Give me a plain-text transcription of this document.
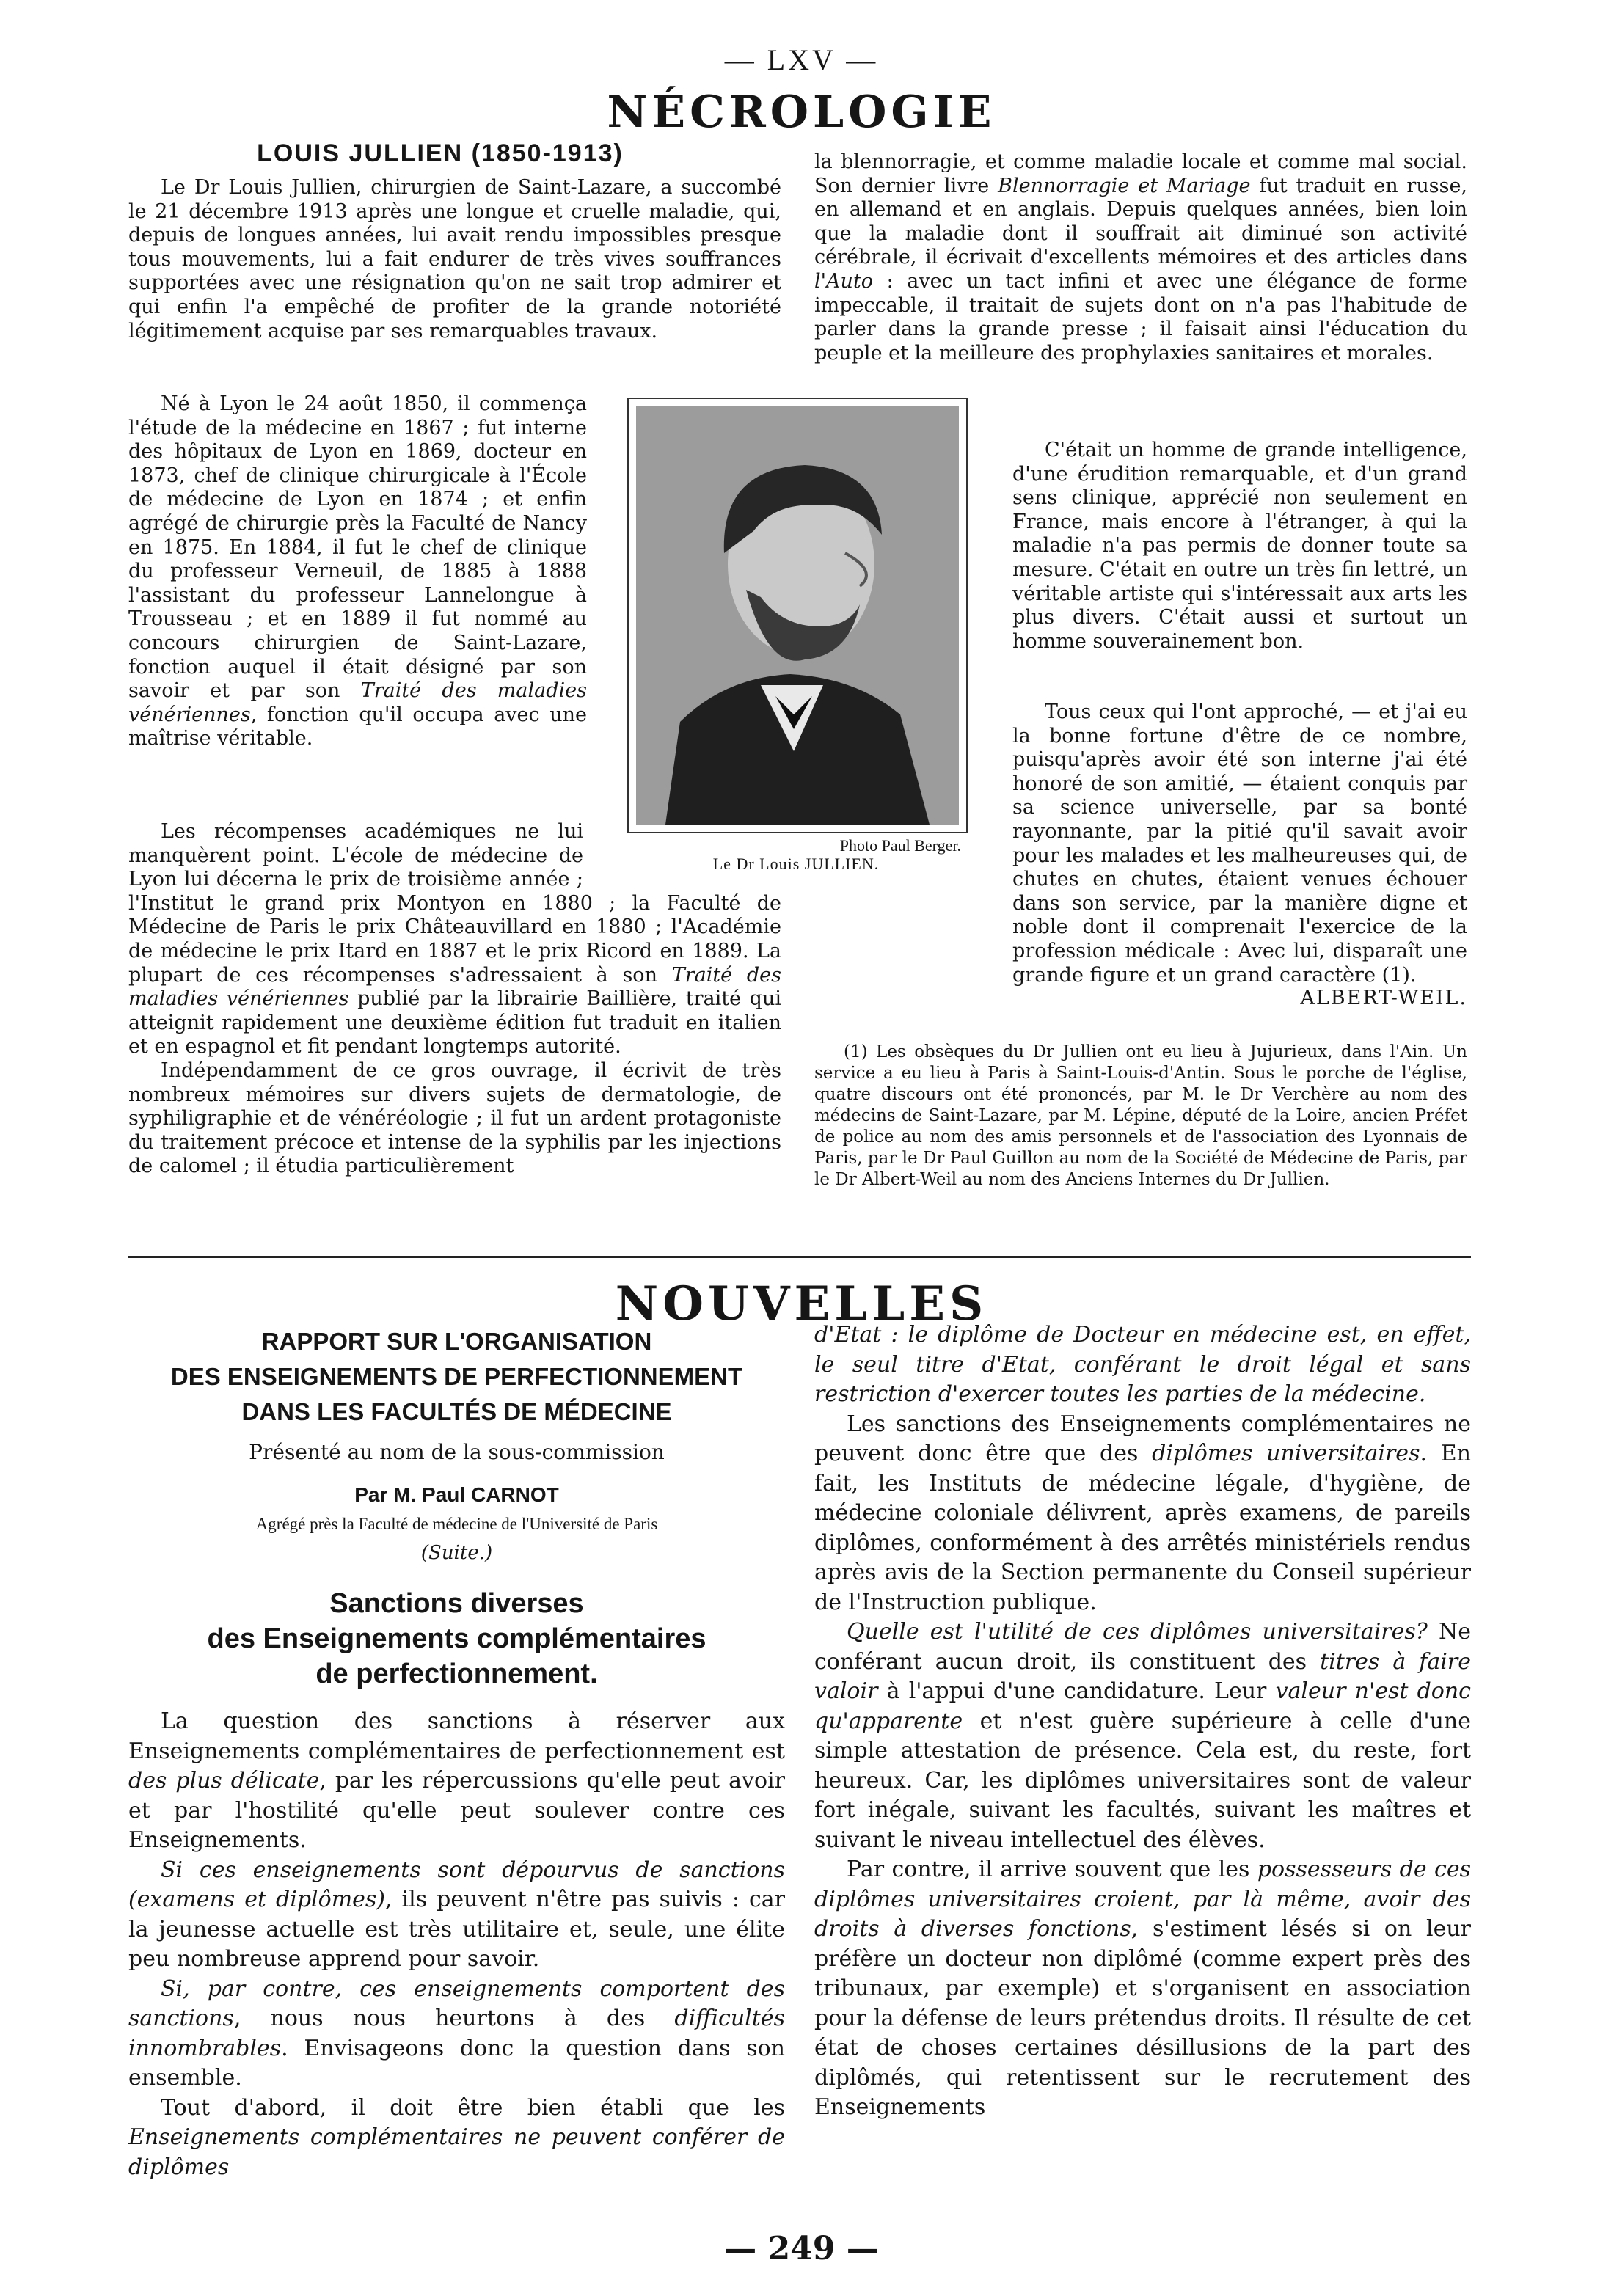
— LXV —
NÉCROLOGIE
LOUIS JULLIEN (1850-1913)

Le Dr Louis Jullien, chirurgien de Saint-Lazare, a succombé le 21 décembre 1913 après une longue et cruelle maladie, qui, depuis de longues années, lui avait rendu impossibles presque tous mouvements, lui a fait endurer de très vives souffrances supportées avec une résignation qu'on ne sait trop admirer et qui enfin l'a empêché de profiter de la grande notoriété légitimement acquise par ses remarquables travaux.

Né à Lyon le 24 août 1850, il commença l'étude de la médecine en 1867 ; fut interne des hôpitaux de Lyon en 1869, docteur en 1873, chef de clinique chirurgicale à l'École de médecine de Lyon en 1874 ; et enfin agrégé de chirurgie près la Faculté de Nancy en 1875. En 1884, il fut le chef de clinique du professeur Verneuil, de 1885 à 1888 l'assistant du professeur Lannelongue à Trousseau ; et en 1889 il fut nommé au concours chirurgien de Saint-Lazare, fonction auquel il était désigné par son savoir et par son Traité des maladies vénériennes, fonction qu'il occupa avec une maîtrise véritable.

Les récompenses académiques ne lui manquèrent point. L'école de médecine de Lyon lui décerna le prix de troisième année ; l'Institut le grand prix Montyon en 1880 ; la Faculté de Médecine de Paris le prix Châteauvillard en 1880 ; l'Académie de médecine le prix Itard en 1887 et le prix Ricord en 1889. La plupart de ces récompenses s'adressaient à son Traité des maladies vénériennes publié par la librairie Baillière, traité qui atteignit rapidement une deuxième édition fut traduit en italien et en espagnol et fit pendant longtemps autorité.

Indépendamment de ce gros ouvrage, il écrivit de très nombreux mémoires sur divers sujets de dermatologie, de syphiligraphie et de vénéréologie ; il fut un ardent protagoniste du traitement précoce et intense de la syphilis par les injections de calomel ; il étudia particulièrement

Photo Paul Berger.
Le Dr Louis JULLIEN.

la blennorragie, et comme maladie locale et comme mal social. Son dernier livre Blennorragie et Mariage fut traduit en russe, en allemand et en anglais. Depuis quelques années, bien loin que la maladie dont il souffrait ait diminué son activité cérébrale, il écrivait d'excellents mémoires et des articles dans l'Auto : avec un tact infini et avec une élégance de forme impeccable, il traitait de sujets dont on n'a pas l'habitude de parler dans la grande presse ; il faisait ainsi l'éducation du peuple et la meilleure des prophylaxies sanitaires et morales.

C'était un homme de grande intelligence, d'une érudition remarquable, et d'un grand sens clinique, apprécié non seulement en France, mais encore à l'étranger, à qui la maladie n'a pas permis de donner toute sa mesure. C'était en outre un très fin lettré, un véritable artiste qui s'intéressait aux arts les plus divers. C'était aussi et surtout un homme souverainement bon.

Tous ceux qui l'ont approché, — et j'ai eu la bonne fortune d'être de ce nombre, puisqu'après avoir été son interne j'ai été honoré de son amitié, — étaient conquis par sa science universelle, par sa bonté rayonnante, par la pitié qu'il savait avoir pour les malades et les malheureuses qui, de chutes en chutes, étaient venues échouer dans son service, par la manière digne et noble dont il comprenait l'exercice de la profession médicale : Avec lui, disparaît une grande figure et un grand caractère (1).

ALBERT-WEIL.

(1) Les obsèques du Dr Jullien ont eu lieu à Jujurieux, dans l'Ain. Un service a eu lieu à Paris à Saint-Louis-d'Antin. Sous le porche de l'église, quatre discours ont été prononcés, par M. le Dr Verchère au nom des médecins de Saint-Lazare, par M. Lépine, député de la Loire, ancien Préfet de police au nom des amis personnels et de l'association des Lyonnais de Paris, par le Dr Paul Guillon au nom de la Société de Médecine de Paris, par le Dr Albert-Weil au nom des Anciens Internes du Dr Jullien.

NOUVELLES
RAPPORT SUR L'ORGANISATION
DES ENSEIGNEMENTS DE PERFECTIONNEMENT
DANS LES FACULTÉS DE MÉDECINE
Présenté au nom de la sous-commission
Par M. Paul CARNOT
Agrégé près la Faculté de médecine de l'Université de Paris
(Suite.)
Sanctions diverses
des Enseignements complémentaires
de perfectionnement.

La question des sanctions à réserver aux Enseignements complémentaires de perfectionnement est des plus délicate, par les répercussions qu'elle peut avoir et par l'hostilité qu'elle peut soulever contre ces Enseignements.

Si ces enseignements sont dépourvus de sanctions (examens et diplômes), ils peuvent n'être pas suivis : car la jeunesse actuelle est très utilitaire et, seule, une élite peu nombreuse apprend pour savoir.

Si, par contre, ces enseignements comportent des sanctions, nous nous heurtons à des difficultés innombrables. Envisageons donc la question dans son ensemble.

Tout d'abord, il doit être bien établi que les Enseignements complémentaires ne peuvent conférer de diplômes

d'Etat : le diplôme de Docteur en médecine est, en effet, le seul titre d'Etat, conférant le droit légal et sans restriction d'exercer toutes les parties de la médecine.

Les sanctions des Enseignements complémentaires ne peuvent donc être que des diplômes universitaires. En fait, les Instituts de médecine légale, d'hygiène, de médecine coloniale délivrent, après examens, de pareils diplômes, conformément à des arrêtés ministériels rendus après avis de la Section permanente du Conseil supérieur de l'Instruction publique.

Quelle est l'utilité de ces diplômes universitaires? Ne conférant aucun droit, ils constituent des titres à faire valoir à l'appui d'une candidature. Leur valeur n'est donc qu'apparente et n'est guère supérieure à celle d'une simple attestation de présence. Cela est, du reste, fort heureux. Car, les diplômes universitaires sont de valeur fort inégale, suivant les facultés, suivant les maîtres et suivant le niveau intellectuel des élèves.

Par contre, il arrive souvent que les possesseurs de ces diplômes universitaires croient, par là même, avoir des droits à diverses fonctions, s'estiment lésés si on leur préfère un docteur non diplômé (comme expert près des tribunaux, par exemple) et s'organisent en association pour la défense de leurs prétendus droits. Il résulte de cet état de choses certaines désillusions de la part des diplômés, qui retentissent sur le recrutement des Enseignements

— 249 —
